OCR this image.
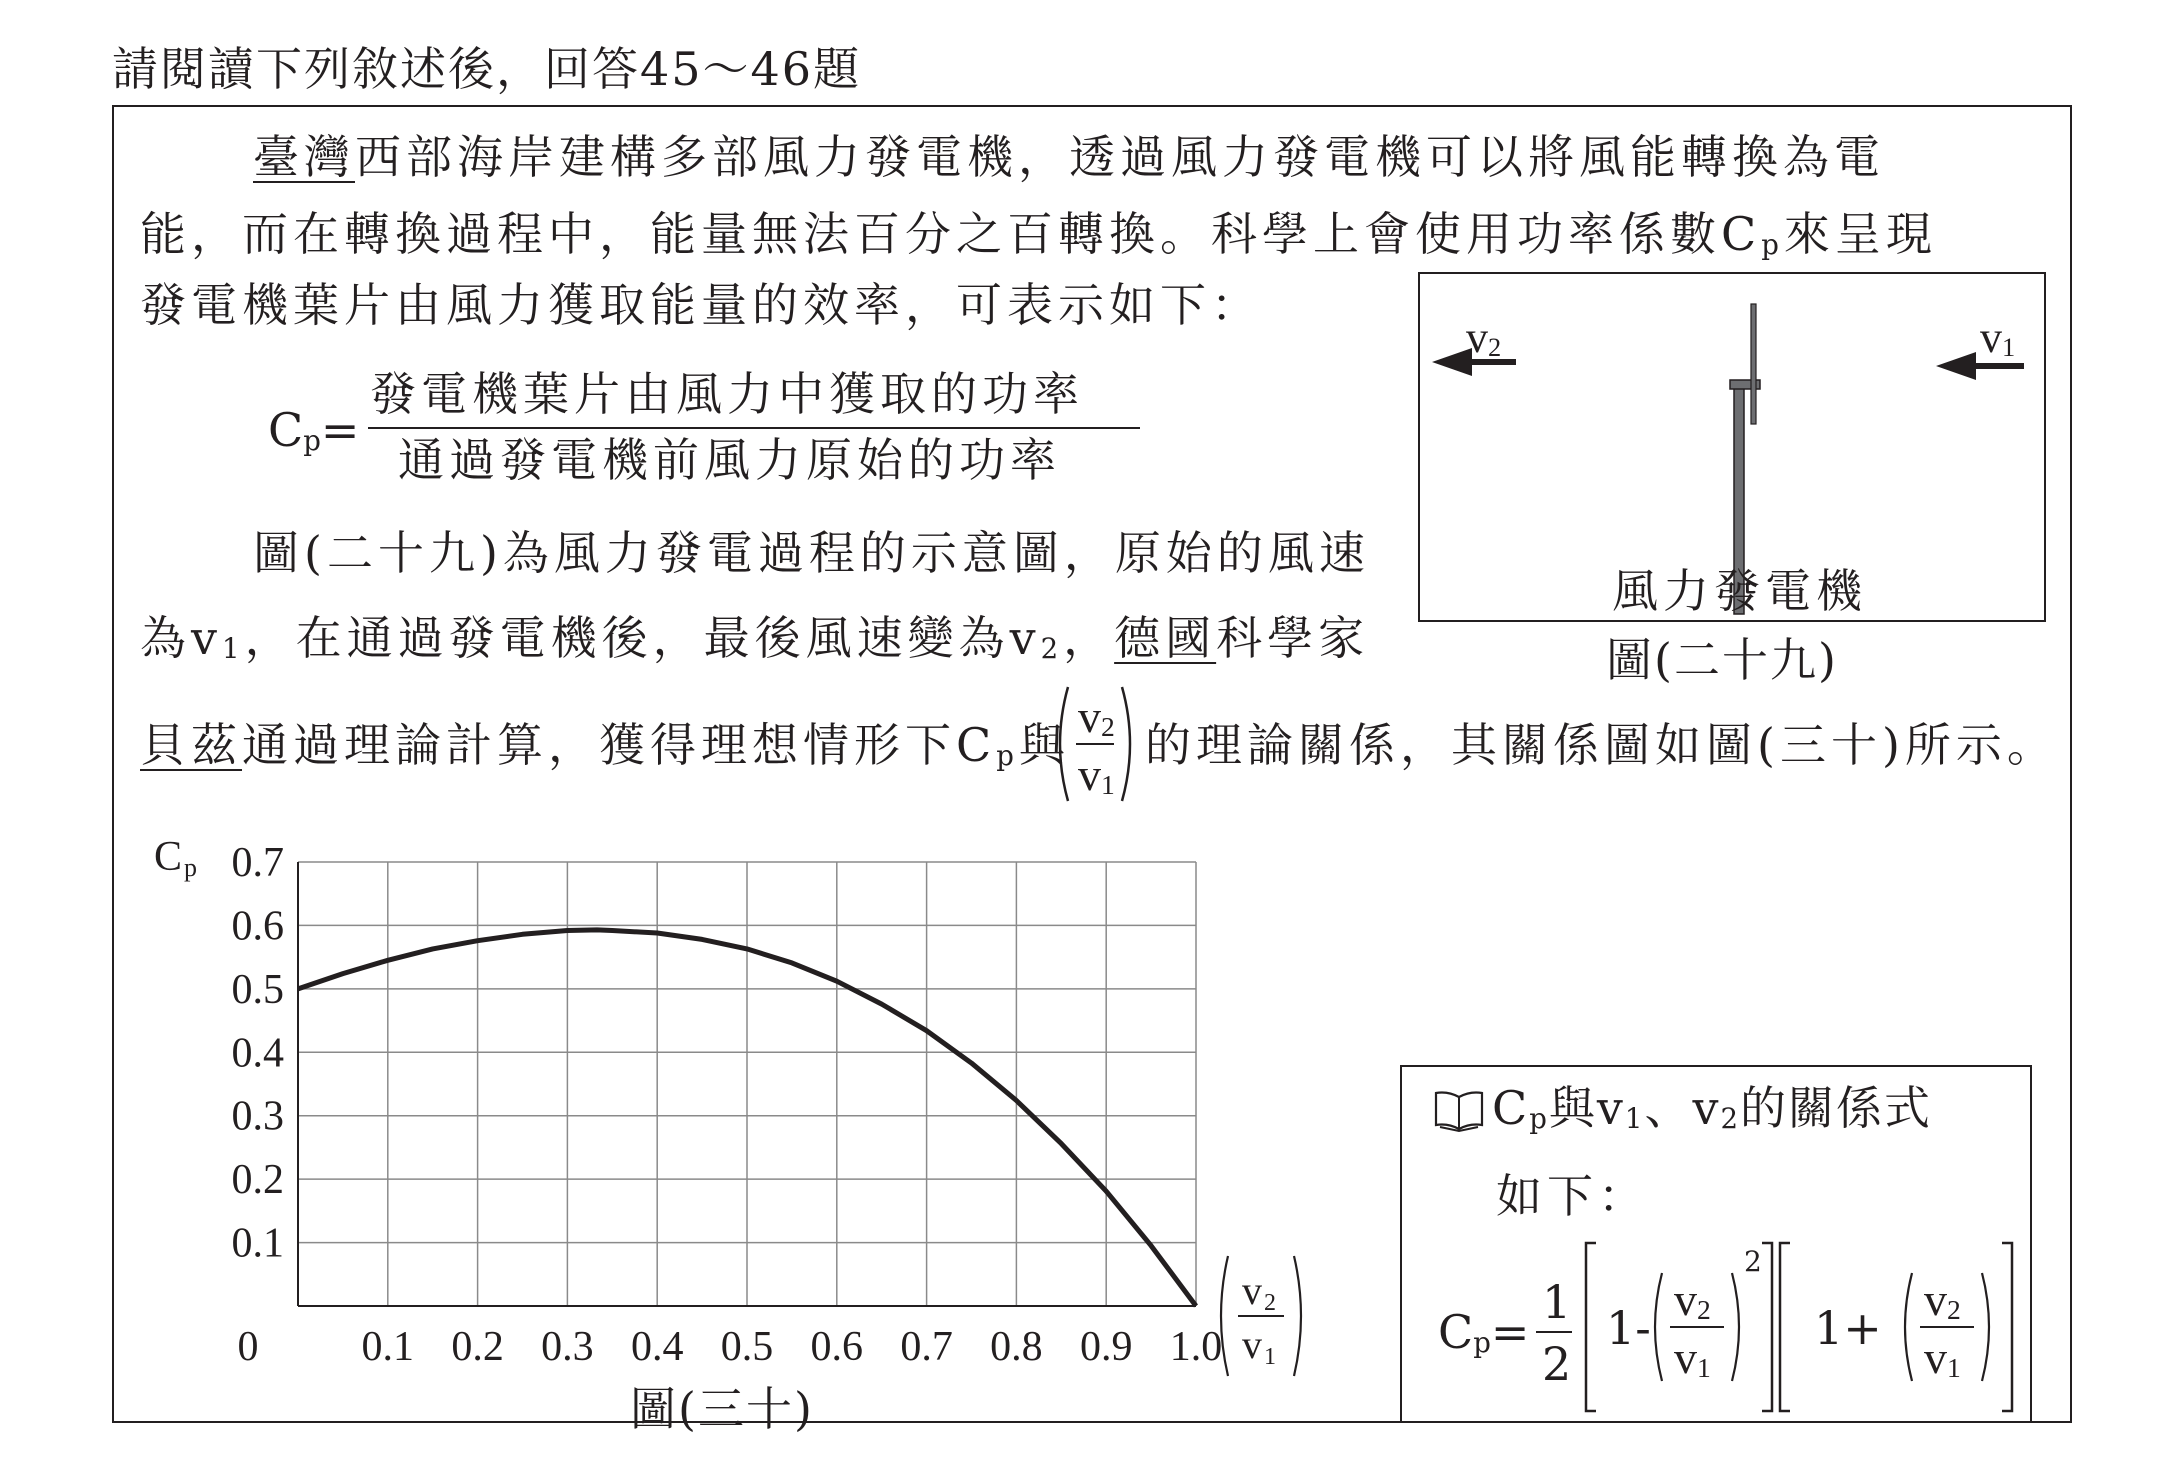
請閱讀下列敘述後，回答45～46題
臺灣西部海岸建構多部風力發電機，透過風力發電機可以將風能轉換為電
能，而在轉換過程中，能量無法百分之百轉換。科學上會使用功率係數$C_p$來呈現
發電機葉片由風力獲取能量的效率，可表示如下：
$C_p=$
發電機葉片由風力中獲取的功率
通過發電機前風力原始的功率
圖(二十九)為風力發電過程的示意圖，原始的風速
為$v_1$，在通過發電機後，最後風速變為$v_2$，德國科學家
貝茲通過理論計算，獲得理想情形下$C_p$與
$v_2$
$v_1$
的理論關係，其關係圖如圖(三十)所示。
$v_2$	$v_1$
風力發電機
圖(二十九)
0.1 0.2 0.3 0.4 0.5 0.6 0.7 0.8 0.9 1.0
0.1
0.2
0.3
0.4
0.5
0.6
0.7
0
C p
v 2
v 1
圖(三十)
$C_p$與$v_1$、$v_2$的關係式
如下：
$C_p=$
1
2
1-
$v_2$
$v_1$
2
1+
$v_2$
$v_1$
